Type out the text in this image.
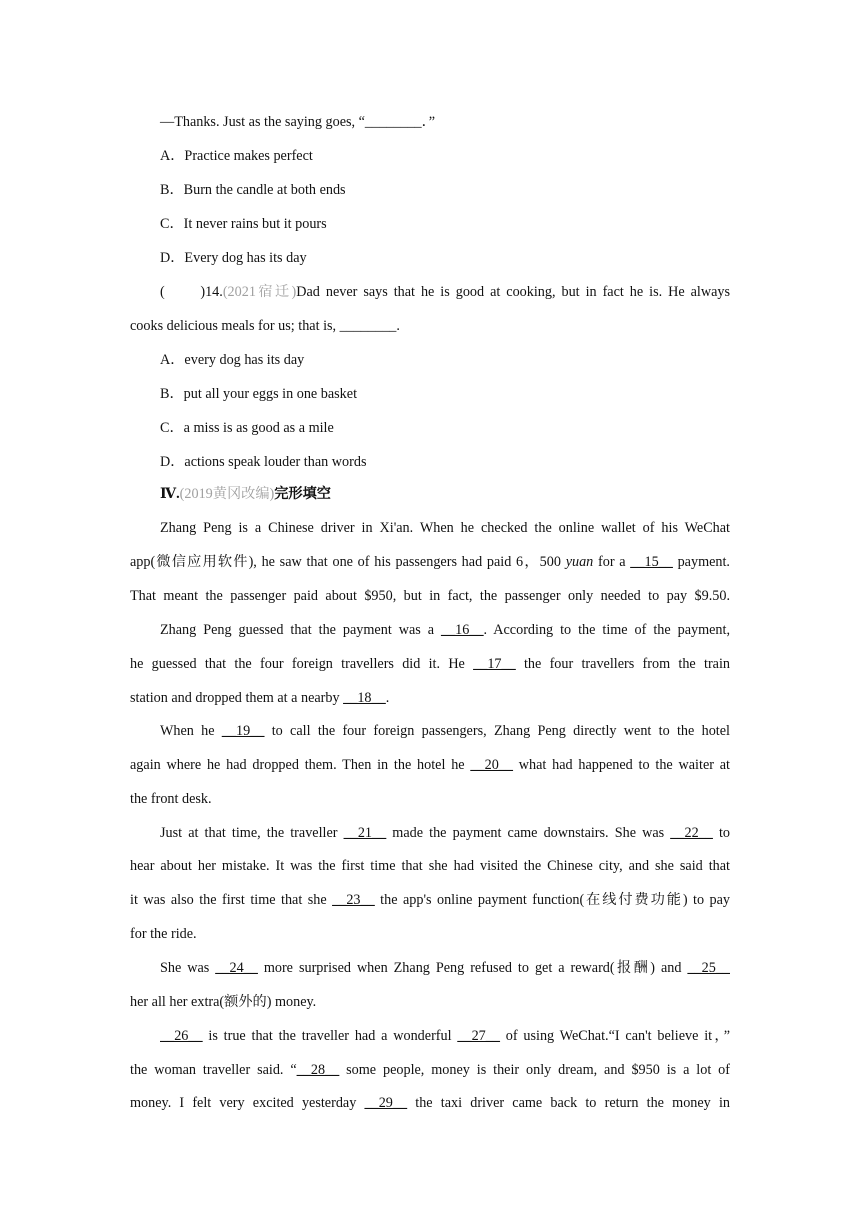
—Thanks. Just as the saying goes, “________．”
A．Practice makes perfect
B．Burn the candle at both ends
C．It never rains but it pours
D．Every dog has its day
(　　)14.(2021宿迁)Dad never says that he is good at cooking, but in fact he is. He always
cooks delicious meals for us; that is, ________.
A．every dog has its day
B．put all your eggs in one basket
C．a miss is as good as a mile
D．actions speak louder than words
Ⅳ.(2019黄冈改编)完形填空
Zhang Peng is a Chinese driver in Xi'an. When he checked the online wallet of his WeChat
app(微信应用软件), he saw that one of his passengers had paid 6，500 yuan for a __15__ payment.
That meant the passenger paid about $950, but in fact, the passenger only needed to pay $9.50.
Zhang Peng guessed that the payment was a __16__. According to the time of the payment,
he guessed that the four foreign travellers did it. He __17__ the four travellers from the train
station and dropped them at a nearby __18__.
When he __19__ to call the four foreign passengers, Zhang Peng directly went to the hotel
again where he had dropped them. Then in the hotel he __20__ what had happened to the waiter at
the front desk.
Just at that time, the traveller __21__ made the payment came downstairs. She was __22__ to
hear about her mistake. It was the first time that she had visited the Chinese city, and she said that
it was also the first time that she __23__ the app's online payment function(在线付费功能) to pay
for the ride.
She was __24__ more surprised when Zhang Peng refused to get a reward(报酬) and __25__
her all her extra(额外的) money.
__26__ is true that the traveller had a wonderful __27__ of using WeChat.“I can't believe it，”
the woman traveller said. “__28__ some people, money is their only dream, and $950 is a lot of
money. I felt very excited yesterday __29__ the taxi driver came back to return the money in
